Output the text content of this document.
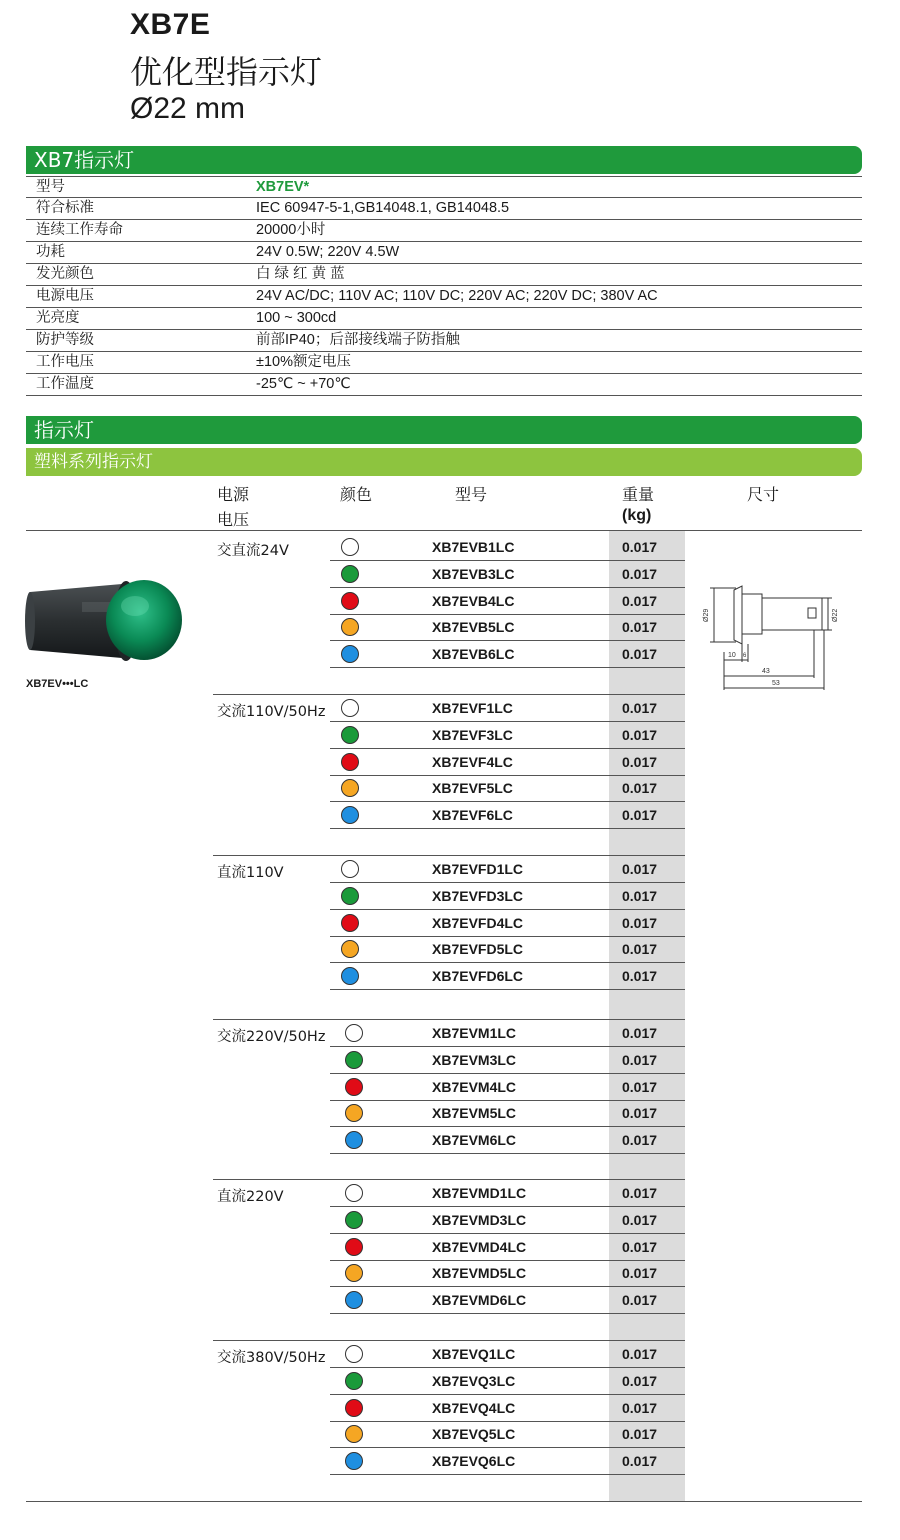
XB7E
优化型指示灯
Ø22 mm
XB7指示灯
型号	XB7EV*
符合标准	IEC 60947-5-1,GB14048.1, GB14048.5
连续工作寿命	20000小时
功耗	24V 0.5W; 220V 4.5W
发光颜色	白 绿 红 黄 蓝
电源电压	24V AC/DC; 110V AC; 110V DC; 220V AC; 220V DC; 380V AC
光亮度	100 ~ 300cd
防护等级	前部IP40；后部接线端子防指触
工作电压	±10%额定电压
工作温度	-25℃ ~ +70℃
指示灯
塑料系列指示灯
电源
电压
颜色	型号	重量
(kg)
尺寸
XB7EV•••LC
Ø29	Ø22
10 6
43
53
交直流24V	XB7EVB1LC	0.017
XB7EVB3LC	0.017
XB7EVB4LC	0.017
XB7EVB5LC	0.017
XB7EVB6LC	0.017
交流110V/50Hz	XB7EVF1LC	0.017
XB7EVF3LC	0.017
XB7EVF4LC	0.017
XB7EVF5LC	0.017
XB7EVF6LC	0.017
直流110V	XB7EVFD1LC	0.017
XB7EVFD3LC	0.017
XB7EVFD4LC	0.017
XB7EVFD5LC	0.017
XB7EVFD6LC	0.017
交流220V/50Hz	XB7EVM1LC	0.017
XB7EVM3LC	0.017
XB7EVM4LC	0.017
XB7EVM5LC	0.017
XB7EVM6LC	0.017
直流220V	XB7EVMD1LC	0.017
XB7EVMD3LC	0.017
XB7EVMD4LC	0.017
XB7EVMD5LC	0.017
XB7EVMD6LC	0.017
交流380V/50Hz	XB7EVQ1LC	0.017
XB7EVQ3LC	0.017
XB7EVQ4LC	0.017
XB7EVQ5LC	0.017
XB7EVQ6LC	0.017
